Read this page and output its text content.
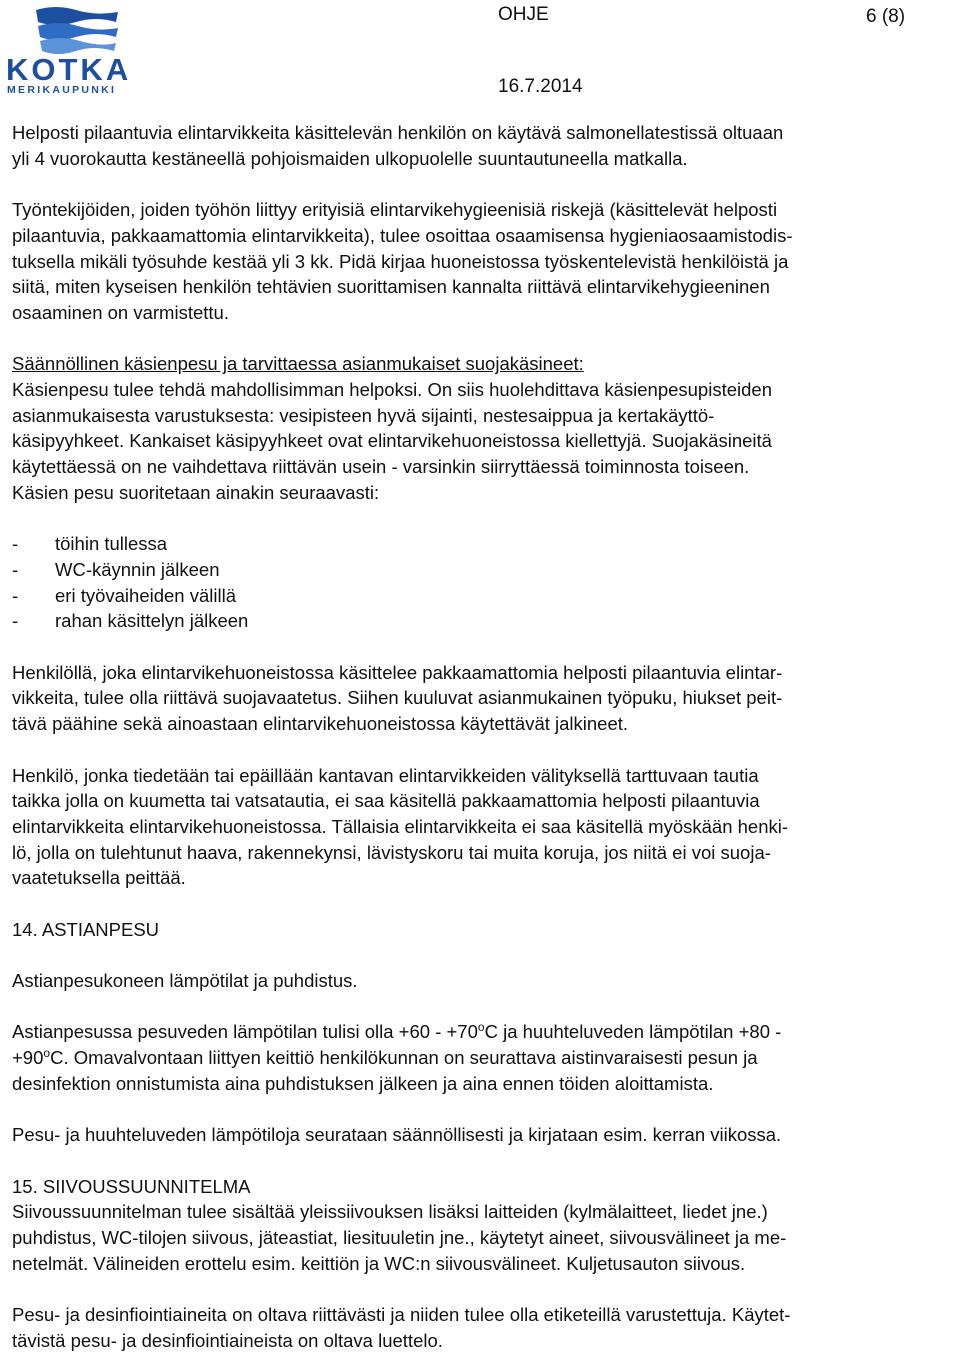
KOTKA
MERIKAUPUNKI
OHJE	6 (8)
16.7.2014

Helposti pilaantuvia elintarvikkeita käsittelevän henkilön on käytävä salmonellatestissä oltuaan
yli 4 vuorokautta kestäneellä pohjoismaiden ulkopuolelle suuntautuneella matkalla.

Työntekijöiden, joiden työhön liittyy erityisiä elintarvikehygieenisiä riskejä (käsittelevät helposti
pilaantuvia, pakkaamattomia elintarvikkeita), tulee osoittaa osaamisensa hygieniaosaamistodis-
tuksella mikäli työsuhde kestää yli 3 kk. Pidä kirjaa huoneistossa työskentelevistä henkilöistä ja
siitä, miten kyseisen henkilön tehtävien suorittamisen kannalta riittävä elintarvikehygieeninen
osaaminen on varmistettu.

Säännöllinen käsienpesu ja tarvittaessa asianmukaiset suojakäsineet:
Käsienpesu tulee tehdä mahdollisimman helpoksi. On siis huolehdittava käsienpesupisteiden
asianmukaisesta varustuksesta: vesipisteen hyvä sijainti, nestesaippua ja kertakäyttö-
käsipyyhkeet. Kankaiset käsipyyhkeet ovat elintarvikehuoneistossa kiellettyjä. Suojakäsineitä
käytettäessä on ne vaihdettava riittävän usein - varsinkin siirryttäessä toiminnosta toiseen.
Käsien pesu suoritetaan ainakin seuraavasti:

-	töihin tullessa
-	WC-käynnin jälkeen
-	eri työvaiheiden välillä
-	rahan käsittelyn jälkeen

Henkilöllä, joka elintarvikehuoneistossa käsittelee pakkaamattomia helposti pilaantuvia elintar-
vikkeita, tulee olla riittävä suojavaatetus. Siihen kuuluvat asianmukainen työpuku, hiukset peit-
tävä päähine sekä ainoastaan elintarvikehuoneistossa käytettävät jalkineet.

Henkilö, jonka tiedetään tai epäillään kantavan elintarvikkeiden välityksellä tarttuvaan tautia
taikka jolla on kuumetta tai vatsatautia, ei saa käsitellä pakkaamattomia helposti pilaantuvia
elintarvikkeita elintarvikehuoneistossa. Tällaisia elintarvikkeita ei saa käsitellä myöskään henki-
lö, jolla on tulehtunut haava, rakennekynsi, lävistyskoru tai muita koruja, jos niitä ei voi suoja-
vaatetuksella peittää.

14. ASTIANPESU

Astianpesukoneen lämpötilat ja puhdistus.

Astianpesussa pesuveden lämpötilan tulisi olla $+60 - +70^oC$ ja huuhteluveden lämpötilan +80 -
$+90^oC$. Omavalvontaan liittyen keittiö henkilökunnan on seurattava aistinvaraisesti pesun ja
desinfektion onnistumista aina puhdistuksen jälkeen ja aina ennen töiden aloittamista.

Pesu- ja huuhteluveden lämpötiloja seurataan säännöllisesti ja kirjataan esim. kerran viikossa.

15. SIIVOUSSUUNNITELMA

Siivoussuunnitelman tulee sisältää yleissiivouksen lisäksi laitteiden (kylmälaitteet, liedet jne.)
puhdistus, WC-tilojen siivous, jäteastiat, liesituuletin jne., käytetyt aineet, siivousvälineet ja me-
netelmät. Välineiden erottelu esim. keittiön ja WC:n siivousvälineet. Kuljetusauton siivous.

Pesu- ja desinfiointiaineita on oltava riittävästi ja niiden tulee olla etiketeillä varustettuja. Käytet-
tävistä pesu- ja desinfiointiaineista on oltava luettelo.
